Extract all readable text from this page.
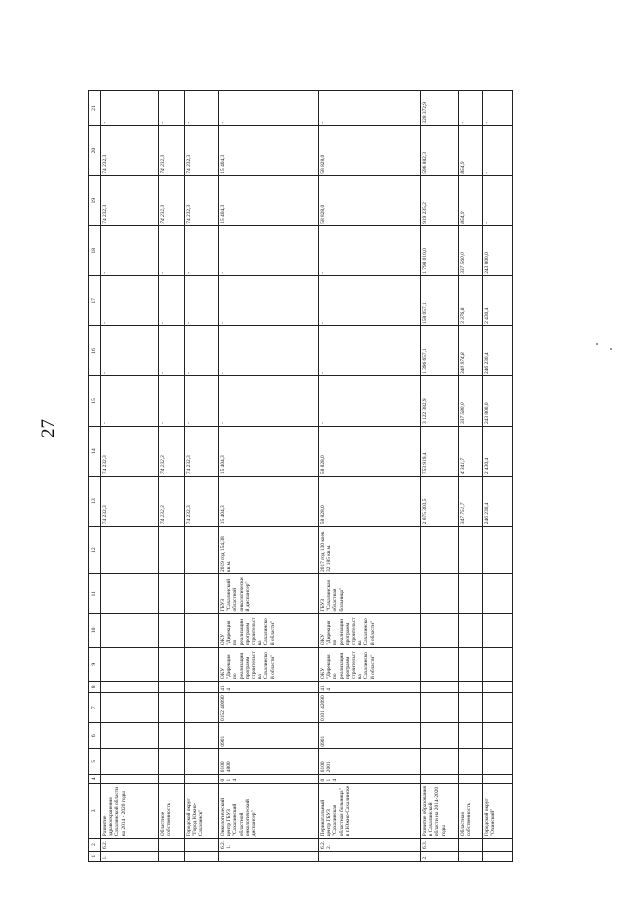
27
1	2	3	4	5	6	7	8	9	10	11	12	13	14	15	16	17	18	19	20	21
1.	6.2.	Развитие здравоохранения Сахалинской области на 2014 - 2020 годы										74 232,3	74 232,3	-	-	-	-	74 232,3	74 232,3	-
		Областное собственность										74 232,3	74 232,3	-	-	-	-	74 232,3	74 232,3	-
		Городской округ "Город Южно-Сахалинск"										74 232,3	74 232,3	-	-	-	-	74 232,3	74 232,3	-
	6.2.1.	Онкологический центр ГБУЗ "Сахалинский областной онкологический диспансер"	0 1 4	0100 4800	0901	0152 40090	414	ОКУ "Дирекция по реализации программ строительства Сахалинской области"	ОКУ "Дирекция по реализации программ строительства Сахалинской области"	ГБУЗ "Сахалинский областной онкологический диспансер"	2019 год 154,38 кв.м.	15 404,3	15 404,3	-	-	-	-	15 404,3	15 404,3	-
	6.2.2.	Перинатальный центр ГБУЗ "Сахалинская областная больница" в г.Южно-Сахалинске	0 1 4	0100 2001	0901	0101 42090	414	ОКУ "Дирекция по реализации программ строительства Сахалинской области"	ОКУ "Дирекция по реализации программ строительства Сахалинской области"	ГБУЗ "Сахалинская областная больница"	2017 год 130 коек 32 185 кв.м.	58 828,0	58 828,0	-	-	-	-	58 828,0	58 828,0	-
2.	6.3.	Развитие образования в Сахалинской области на 2014-2020 годы										2 875 303,5	753 919,4	3 122 382,9	1 396 657,1	158 057,1	1 798 010,0	919 235,2	596 882,3	328 372,9
		Областная собственность										347 751,7	4 341,7	337 580,0	340 974,8	3 376,8	337 560,0	854,9	854,9	-
		Городской округ "Охинский"										246 230,4	2 430,4	243 800,0	246 230,4	2 430,4	243 800,0	-	-	-
